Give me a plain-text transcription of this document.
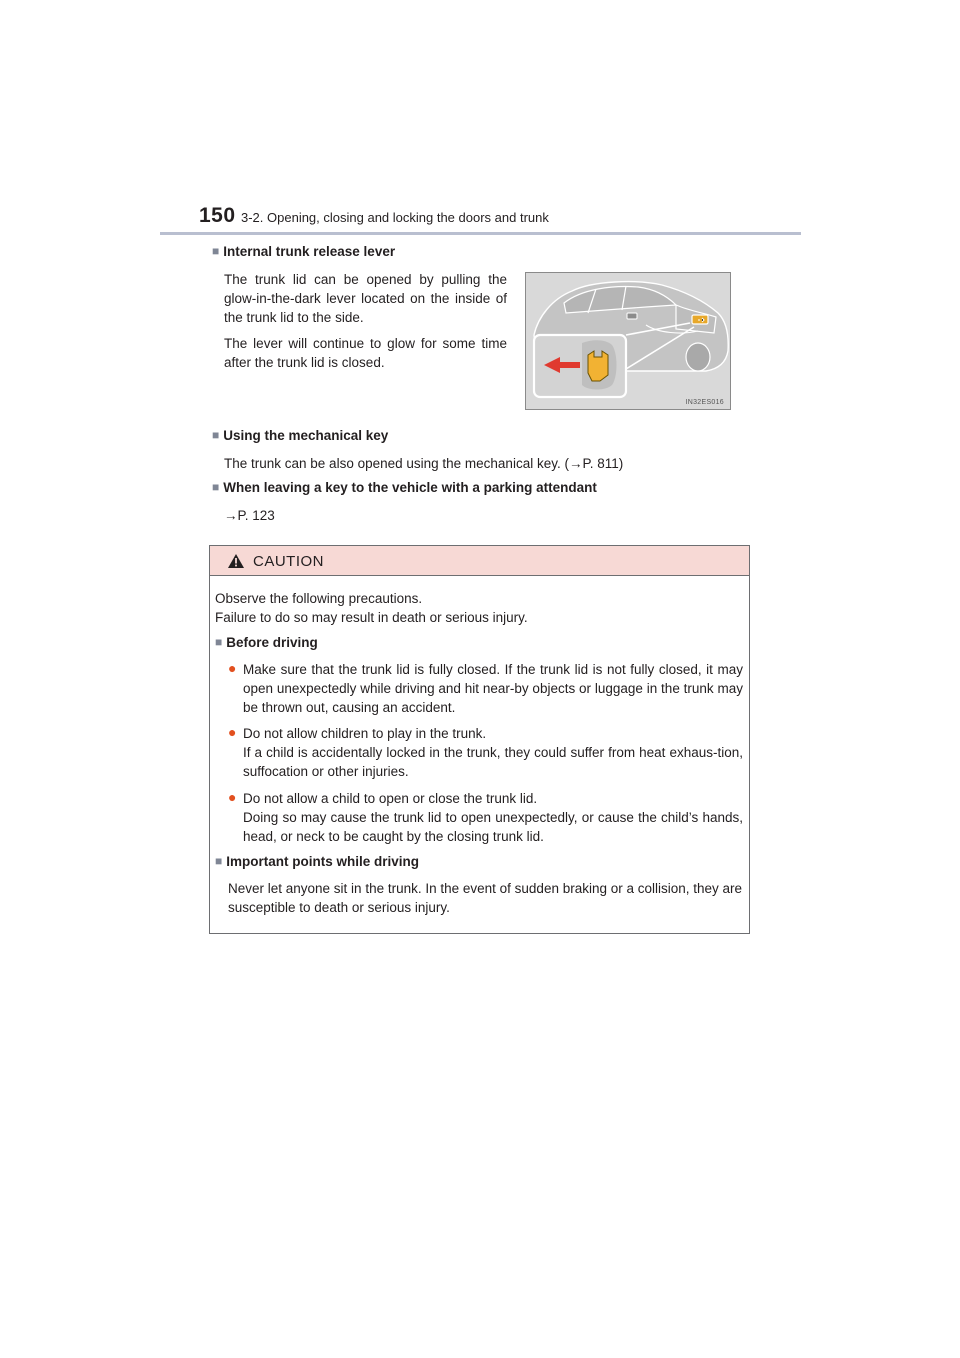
150 3-2. Opening, closing and locking the doors and trunk
■ Internal trunk release lever
The trunk lid can be opened by pulling the glow-in-the-dark lever located on the inside of the trunk lid to the side.
The lever will continue to glow for some time after the trunk lid is closed.
IN32ES016
■ Using the mechanical key
The trunk can be also opened using the mechanical key. (→P. 811)
■ When leaving a key to the vehicle with a parking attendant
→P. 123
CAUTION
Observe the following precautions.
Failure to do so may result in death or serious injury.
■ Before driving
● Make sure that the trunk lid is fully closed. If the trunk lid is not fully closed, it may open unexpectedly while driving and hit near-by objects or luggage in the trunk may be thrown out, causing an accident.
● Do not allow children to play in the trunk.
If a child is accidentally locked in the trunk, they could suffer from heat exhaus-tion, suffocation or other injuries.
● Do not allow a child to open or close the trunk lid.
Doing so may cause the trunk lid to open unexpectedly, or cause the child’s hands, head, or neck to be caught by the closing trunk lid.
■ Important points while driving
Never let anyone sit in the trunk. In the event of sudden braking or a collision, they are susceptible to death or serious injury.
